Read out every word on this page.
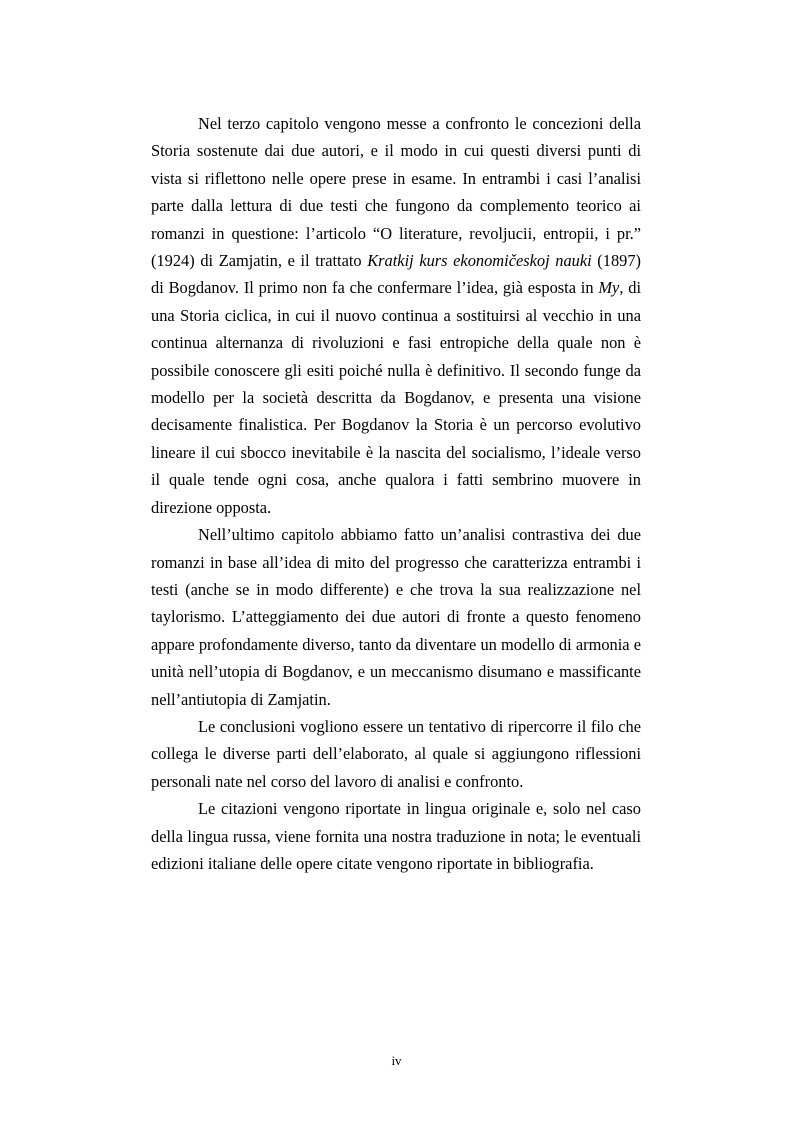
Nel terzo capitolo vengono messe a confronto le concezioni della Storia sostenute dai due autori, e il modo in cui questi diversi punti di vista si riflettono nelle opere prese in esame. In entrambi i casi l’analisi parte dalla lettura di due testi che fungono da complemento teorico ai romanzi in questione: l’articolo “O literature, revoljucii, entropii, i pr.” (1924) di Zamjatin, e il trattato Kratkij kurs ekonomičeskoj nauki (1897) di Bogdanov. Il primo non fa che confermare l’idea, già esposta in My, di una Storia ciclica, in cui il nuovo continua a sostituirsi al vecchio in una continua alternanza di rivoluzioni e fasi entropiche della quale non è possibile conoscere gli esiti poiché nulla è definitivo. Il secondo funge da modello per la società descritta da Bogdanov, e presenta una visione decisamente finalistica. Per Bogdanov la Storia è un percorso evolutivo lineare il cui sbocco inevitabile è la nascita del socialismo, l’ideale verso il quale tende ogni cosa, anche qualora i fatti sembrino muovere in direzione opposta.

Nell’ultimo capitolo abbiamo fatto un’analisi contrastiva dei due romanzi in base all’idea di mito del progresso che caratterizza entrambi i testi (anche se in modo differente) e che trova la sua realizzazione nel taylorismo. L’atteggiamento dei due autori di fronte a questo fenomeno appare profondamente diverso, tanto da diventare un modello di armonia e unità nell’utopia di Bogdanov, e un meccanismo disumano e massificante nell’antiutopia di Zamjatin.

Le conclusioni vogliono essere un tentativo di ripercorre il filo che collega le diverse parti dell’elaborato, al quale si aggiungono riflessioni personali nate nel corso del lavoro di analisi e confronto.

Le citazioni vengono riportate in lingua originale e, solo nel caso della lingua russa, viene fornita una nostra traduzione in nota; le eventuali edizioni italiane delle opere citate vengono riportate in bibliografia.

iv
